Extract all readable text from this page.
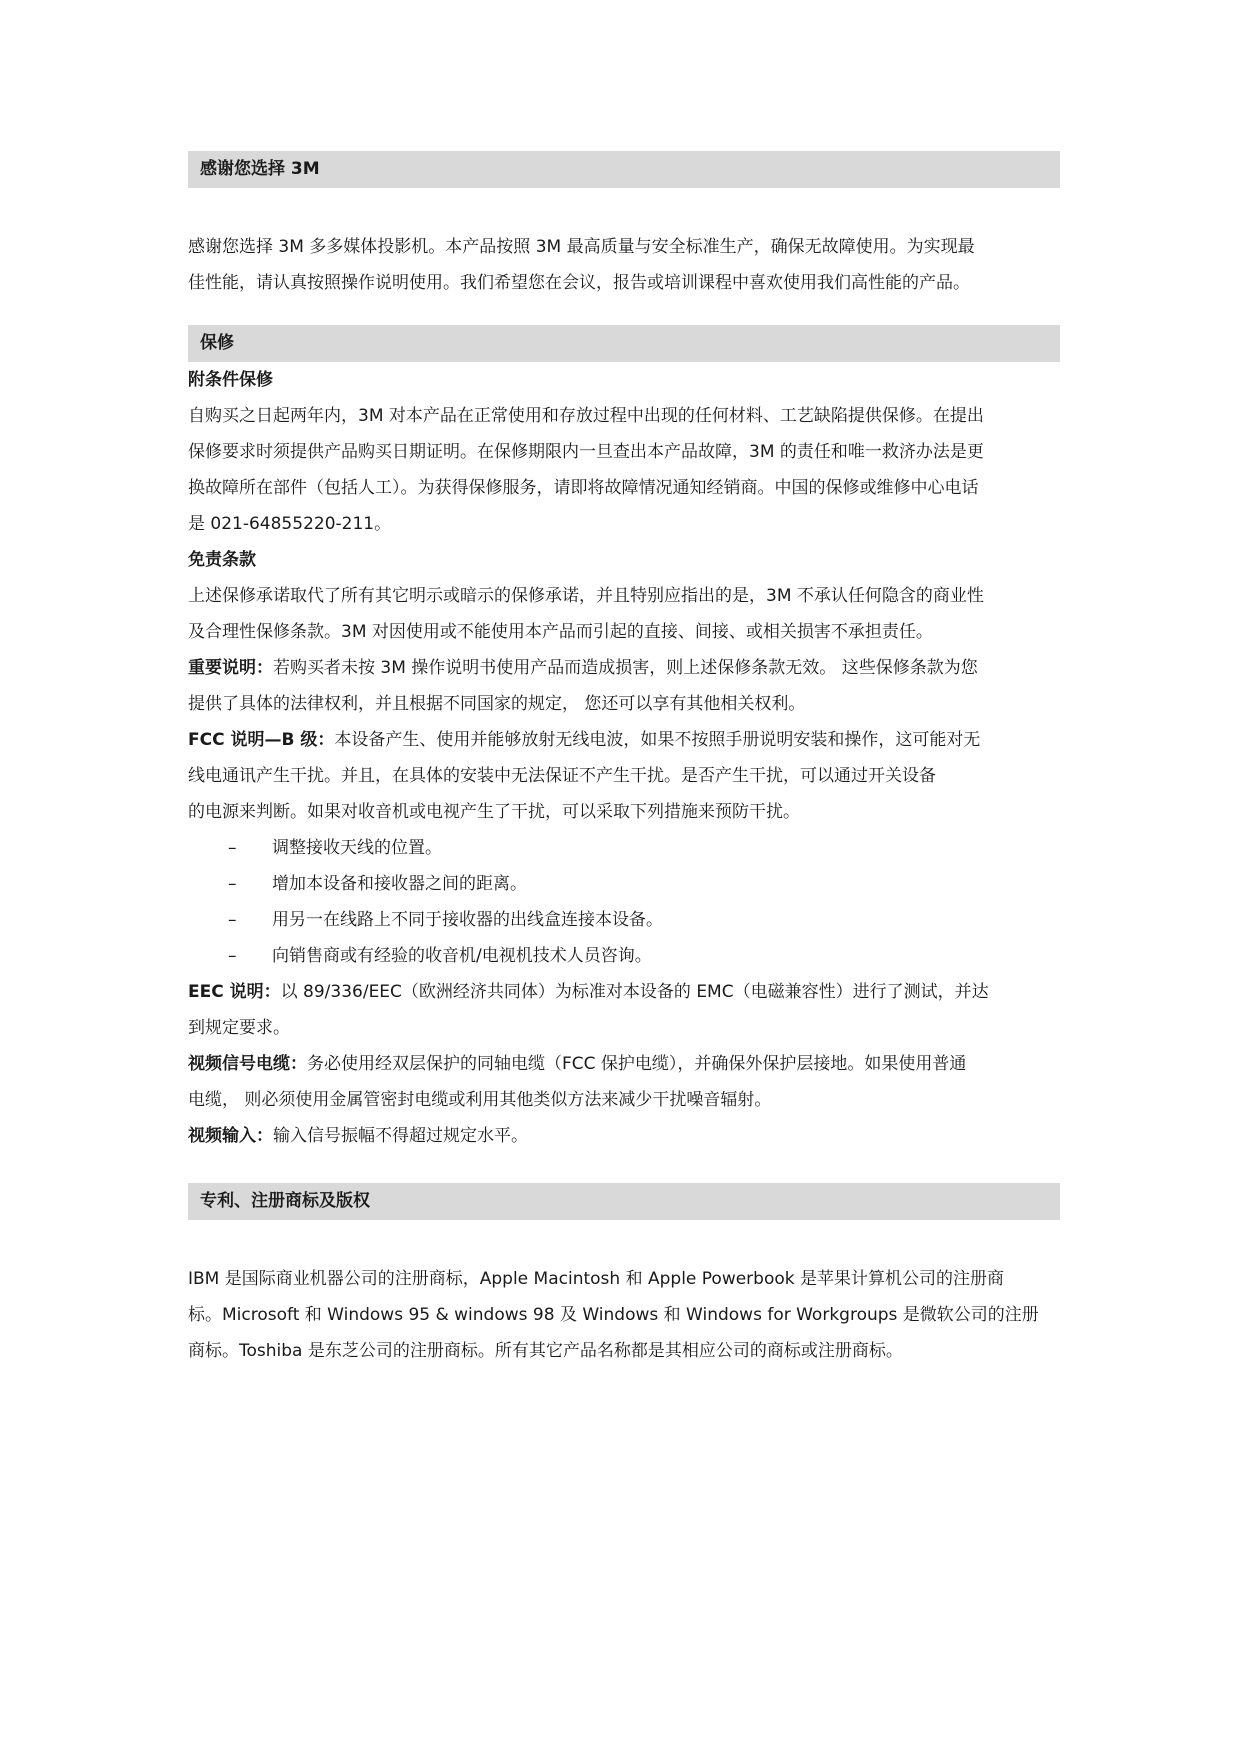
感谢您选择 3M

感谢您选择 3M 多多媒体投影机。本产品按照 3M 最高质量与安全标准生产，确保无故障使用。为实现最

佳性能，请认真按照操作说明使用。我们希望您在会议，报告或培训课程中喜欢使用我们高性能的产品。

保修

附条件保修

自购买之日起两年内，3M 对本产品在正常使用和存放过程中出现的任何材料、工艺缺陷提供保修。在提出

保修要求时须提供产品购买日期证明。在保修期限内一旦查出本产品故障，3M 的责任和唯一救济办法是更

换故障所在部件（包括人工）。为获得保修服务，请即将故障情况通知经销商。中国的保修或维修中心电话

是 021-64855220-211。

免责条款

上述保修承诺取代了所有其它明示或暗示的保修承诺，并且特别应指出的是，3M 不承认任何隐含的商业性

及合理性保修条款。3M 对因使用或不能使用本产品而引起的直接、间接、或相关损害不承担责任。

重要说明：若购买者未按 3M 操作说明书使用产品而造成损害，则上述保修条款无效。 这些保修条款为您

提供了具体的法律权利，并且根据不同国家的规定， 您还可以享有其他相关权利。

FCC 说明—B 级：本设备产生、使用并能够放射无线电波，如果不按照手册说明安装和操作，这可能对无

线电通讯产生干扰。并且，在具体的安装中无法保证不产生干扰。是否产生干扰，可以通过开关设备

的电源来判断。如果对收音机或电视产生了干扰，可以采取下列措施来预防干扰。

– 调整接收天线的位置。
– 增加本设备和接收器之间的距离。
– 用另一在线路上不同于接收器的出线盒连接本设备。
– 向销售商或有经验的收音机/电视机技术人员咨询。

EEC 说明：以 89/336/EEC（欧洲经济共同体）为标准对本设备的 EMC（电磁兼容性）进行了测试，并达

到规定要求。

视频信号电缆：务必使用经双层保护的同轴电缆（FCC 保护电缆），并确保外保护层接地。如果使用普通

电缆， 则必须使用金属管密封电缆或利用其他类似方法来减少干扰噪音辐射。

视频输入：输入信号振幅不得超过规定水平。

专利、注册商标及版权

IBM 是国际商业机器公司的注册商标，Apple Macintosh 和 Apple Powerbook 是苹果计算机公司的注册商

标。Microsoft 和 Windows 95 & windows 98 及 Windows 和 Windows for Workgroups 是微软公司的注册

商标。Toshiba 是东芝公司的注册商标。所有其它产品名称都是其相应公司的商标或注册商标。
